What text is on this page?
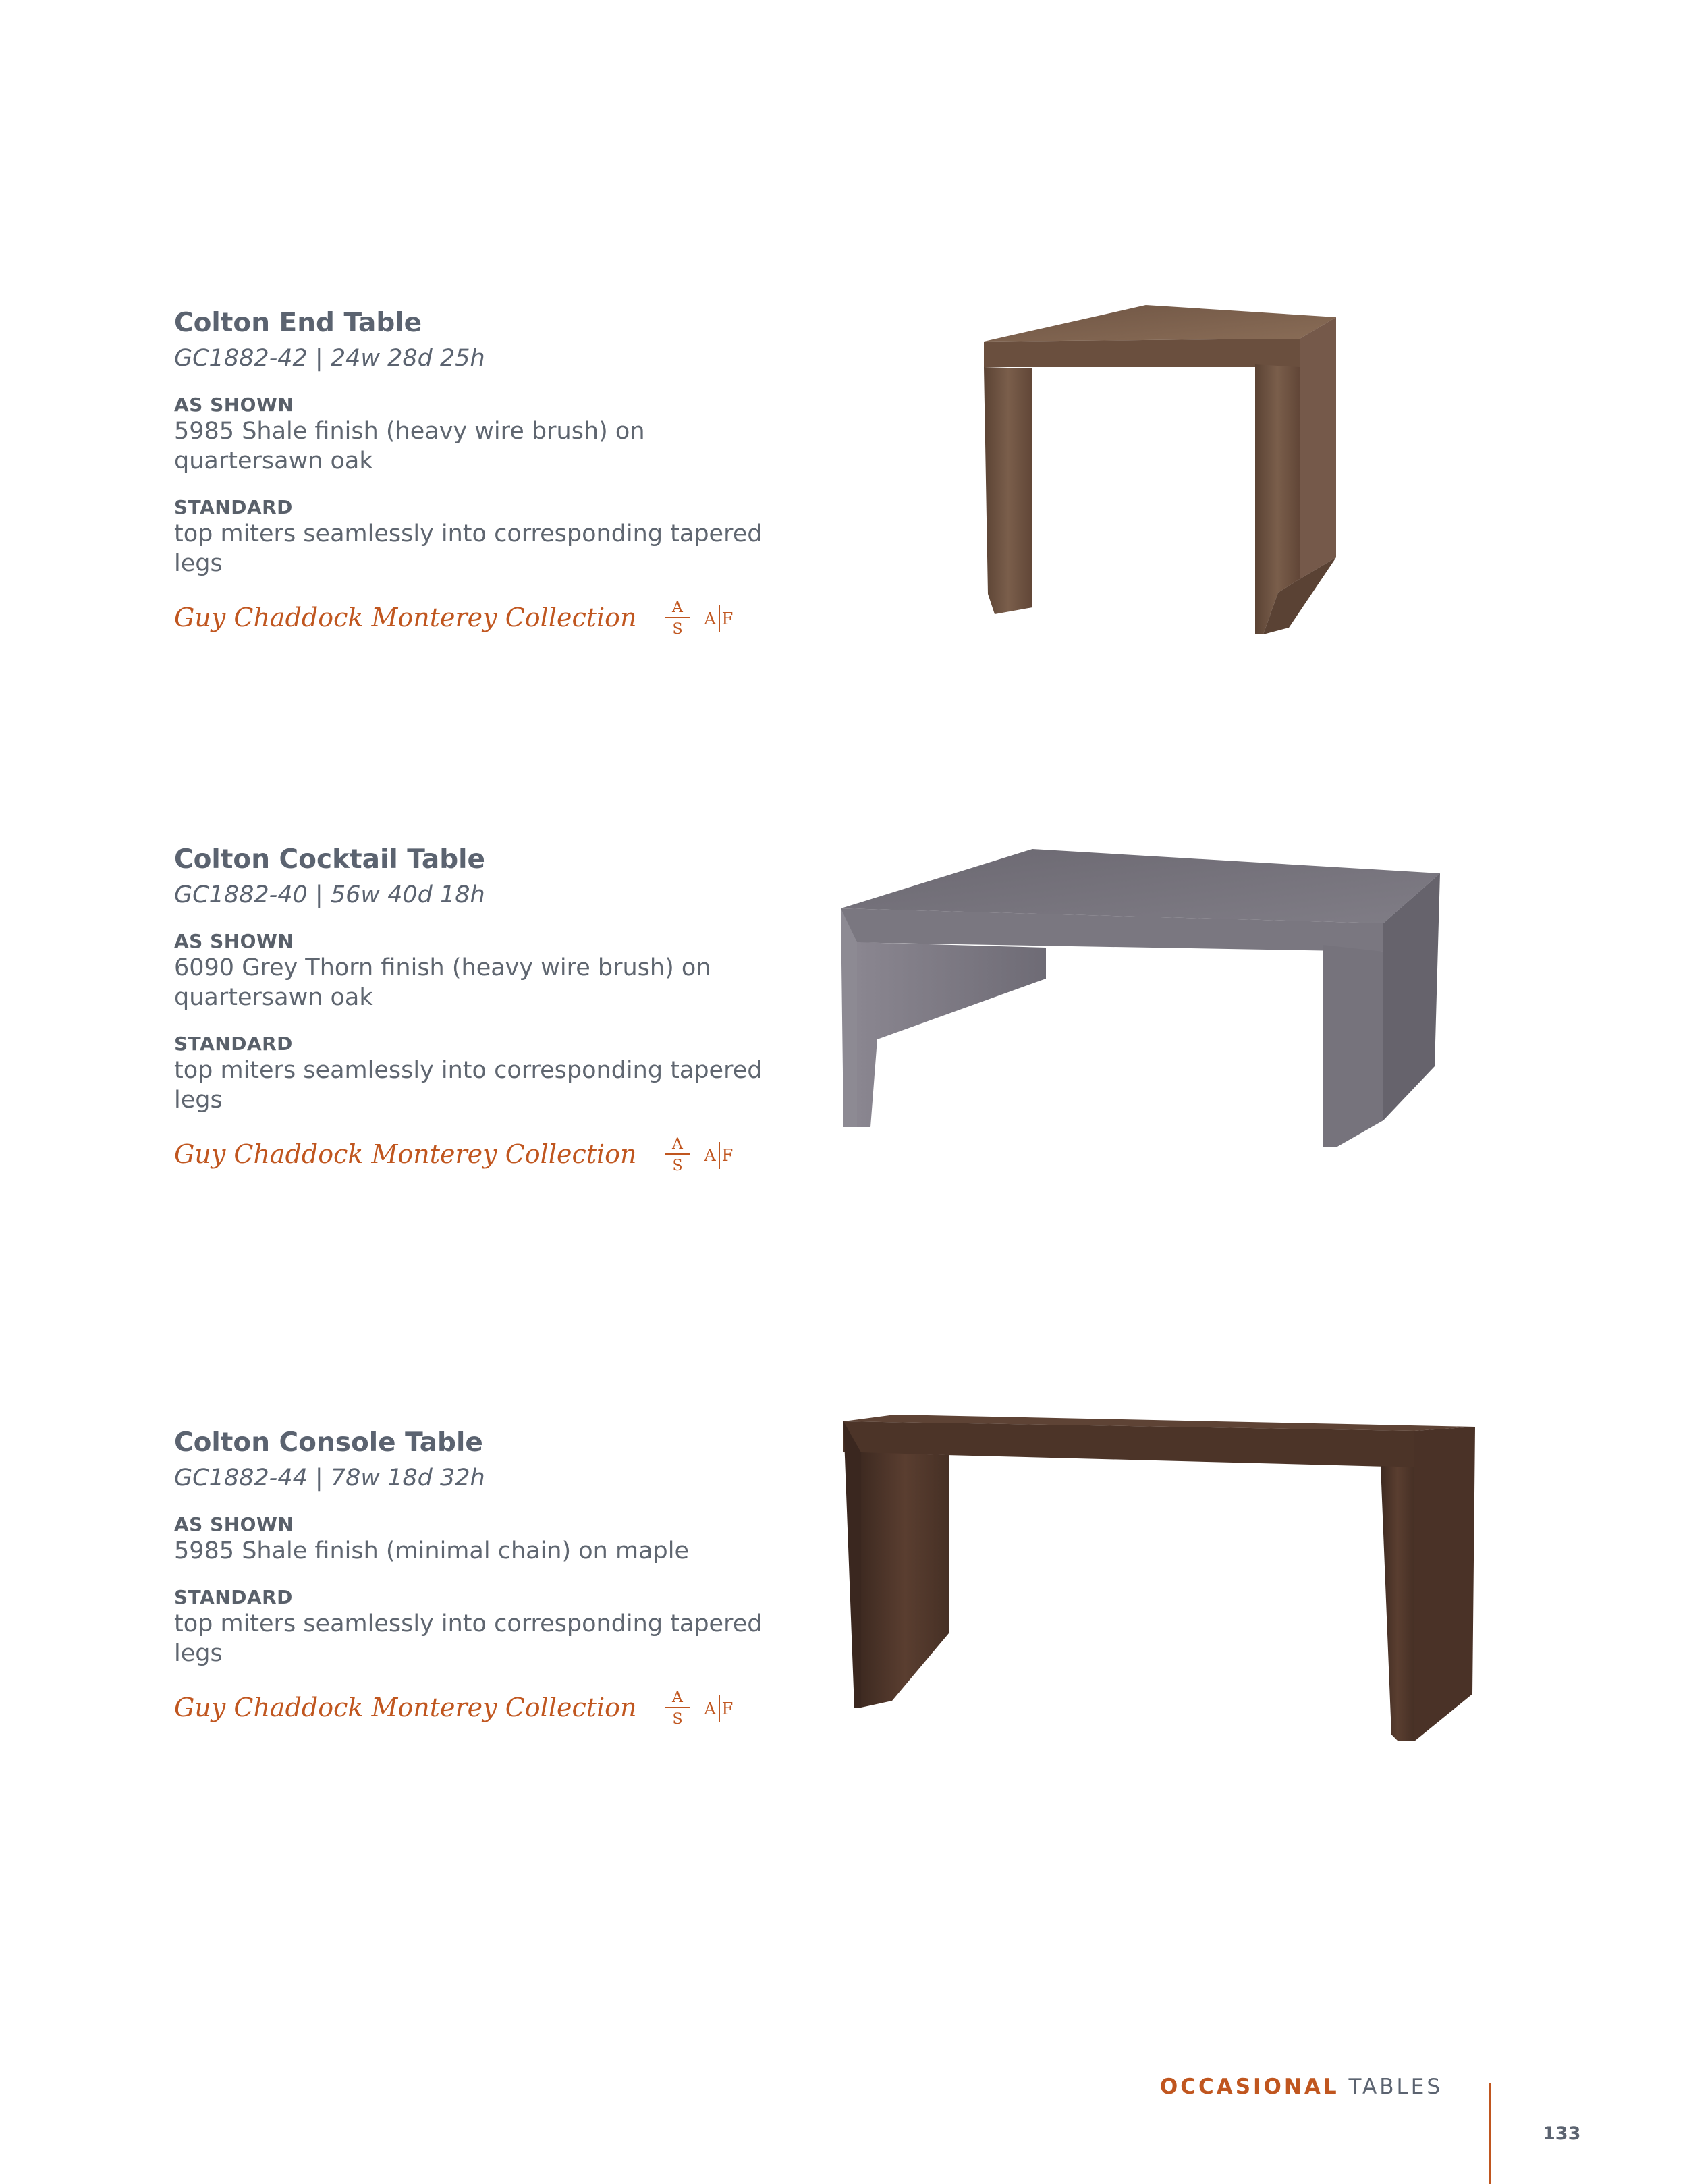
Colton End Table
GC1882-42 | 24w 28d 25h
AS SHOWN
5985 Shale finish (heavy wire brush) on quartersawn oak
STANDARD
top miters seamlessly into corresponding tapered legs
Guy Chaddock Monterey Collection A
S
A F
Colton Cocktail Table
GC1882-40 | 56w 40d 18h
AS SHOWN
6090 Grey Thorn finish (heavy wire brush) on quartersawn oak
STANDARD
top miters seamlessly into corresponding tapered legs
Guy Chaddock Monterey Collection A
S
A F
Colton Console Table
GC1882-44 | 78w 18d 32h
AS SHOWN
5985 Shale finish (minimal chain) on maple
STANDARD
top miters seamlessly into corresponding tapered legs
Guy Chaddock Monterey Collection A
S
A F
OCCASIONAL TABLES
133
